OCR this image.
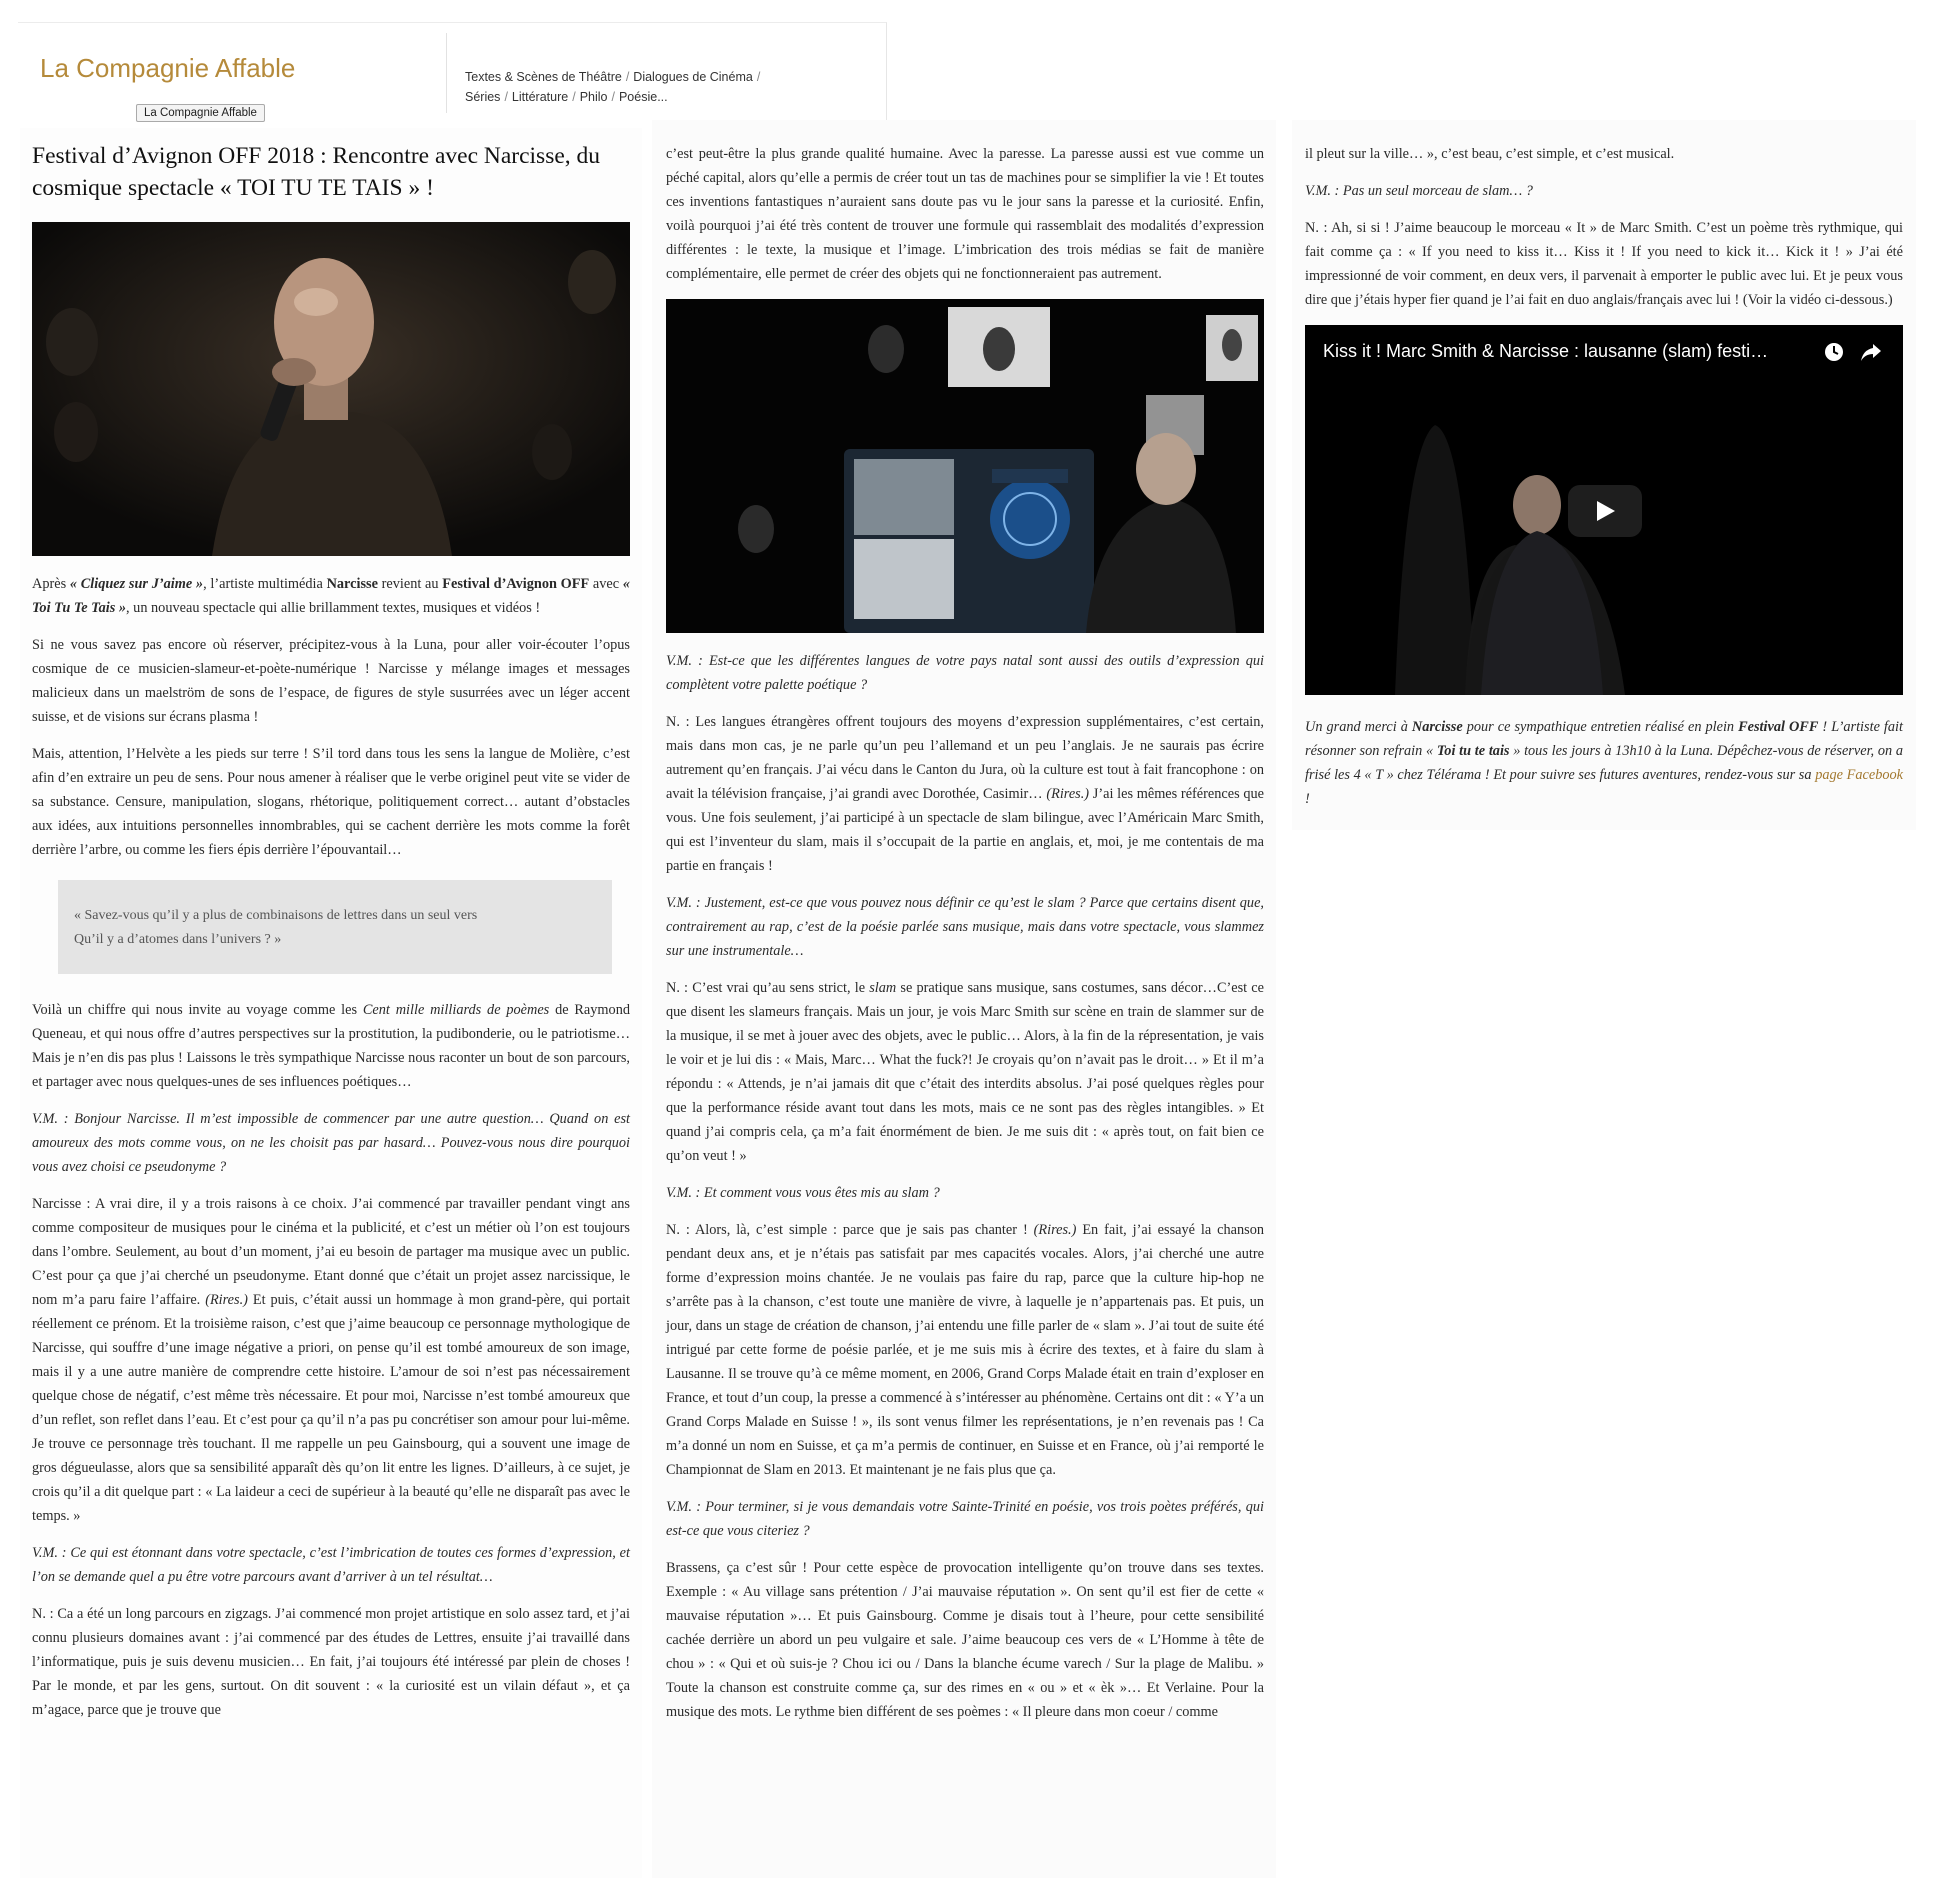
La Compagnie Affable
La Compagnie Affable
Textes & Scènes de Théâtre / Dialogues de Cinéma /
Séries / Littérature / Philo / Poésie...
Festival d’Avignon OFF 2018 : Rencontre avec Narcisse, du cosmique spectacle « TOI TU TE TAIS » !

Après « Cliquez sur J’aime », l’artiste multimédia Narcisse revient au Festival d’Avignon OFF avec « Toi Tu Te Tais », un nouveau spectacle qui allie brillamment textes, musiques et vidéos !

Si ne vous savez pas encore où réserver, précipitez-vous à la Luna, pour aller voir-écouter l’opus cosmique de ce musicien-slameur-et-poète-numérique ! Narcisse y mélange images et messages malicieux dans un maelström de sons de l’espace, de figures de style susurrées avec un léger accent suisse, et de visions sur écrans plasma !

Mais, attention, l’Helvète a les pieds sur terre ! S’il tord dans tous les sens la langue de Molière, c’est afin d’en extraire un peu de sens. Pour nous amener à réaliser que le verbe originel peut vite se vider de sa substance. Censure, manipulation, slogans, rhétorique, politiquement correct… autant d’obstacles aux idées, aux intuitions personnelles innombrables, qui se cachent derrière les mots comme la forêt derrière l’arbre, ou comme les fiers épis derrière l’épouvantail…

« Savez-vous qu’il y a plus de combinaisons de lettres dans un seul vers
Qu’il y a d’atomes dans l’univers ? »

Voilà un chiffre qui nous invite au voyage comme les Cent mille milliards de poèmes de Raymond Queneau, et qui nous offre d’autres perspectives sur la prostitution, la pudibonderie, ou le patriotisme… Mais je n’en dis pas plus ! Laissons le très sympathique Narcisse nous raconter un bout de son parcours, et partager avec nous quelques-unes de ses influences poétiques…

V.M. : Bonjour Narcisse. Il m’est impossible de commencer par une autre question… Quand on est amoureux des mots comme vous, on ne les choisit pas par hasard… Pouvez-vous nous dire pourquoi vous avez choisi ce pseudonyme ?

Narcisse : A vrai dire, il y a trois raisons à ce choix. J’ai commencé par travailler pendant vingt ans comme compositeur de musiques pour le cinéma et la publicité, et c’est un métier où l’on est toujours dans l’ombre. Seulement, au bout d’un moment, j’ai eu besoin de partager ma musique avec un public. C’est pour ça que j’ai cherché un pseudonyme. Etant donné que c’était un projet assez narcissique, le nom m’a paru faire l’affaire. (Rires.) Et puis, c’était aussi un hommage à mon grand-père, qui portait réellement ce prénom. Et la troisième raison, c’est que j’aime beaucoup ce personnage mythologique de Narcisse, qui souffre d’une image négative a priori, on pense qu’il est tombé amoureux de son image, mais il y a une autre manière de comprendre cette histoire. L’amour de soi n’est pas nécessairement quelque chose de négatif, c’est même très nécessaire. Et pour moi, Narcisse n’est tombé amoureux que d’un reflet, son reflet dans l’eau. Et c’est pour ça qu’il n’a pas pu concrétiser son amour pour lui-même. Je trouve ce personnage très touchant. Il me rappelle un peu Gainsbourg, qui a souvent une image de gros dégueulasse, alors que sa sensibilité apparaît dès qu’on lit entre les lignes. D’ailleurs, à ce sujet, je crois qu’il a dit quelque part : « La laideur a ceci de supérieur à la beauté qu’elle ne disparaît pas avec le temps. »

V.M. : Ce qui est étonnant dans votre spectacle, c’est l’imbrication de toutes ces formes d’expression, et l’on se demande quel a pu être votre parcours avant d’arriver à un tel résultat…

N. : Ca a été un long parcours en zigzags. J’ai commencé mon projet artistique en solo assez tard, et j’ai connu plusieurs domaines avant : j’ai commencé par des études de Lettres, ensuite j’ai travaillé dans l’informatique, puis je suis devenu musicien… En fait, j’ai toujours été intéressé par plein de choses ! Par le monde, et par les gens, surtout. On dit souvent : « la curiosité est un vilain défaut », et ça m’agace, parce que je trouve que

c’est peut-être la plus grande qualité humaine. Avec la paresse. La paresse aussi est vue comme un péché capital, alors qu’elle a permis de créer tout un tas de machines pour se simplifier la vie ! Et toutes ces inventions fantastiques n’auraient sans doute pas vu le jour sans la paresse et la curiosité. Enfin, voilà pourquoi j’ai été très content de trouver une formule qui rassemblait des modalités d’expression différentes : le texte, la musique et l’image. L’imbrication des trois médias se fait de manière complémentaire, elle permet de créer des objets qui ne fonctionneraient pas autrement.

V.M. : Est-ce que les différentes langues de votre pays natal sont aussi des outils d’expression qui complètent votre palette poétique ?

N. : Les langues étrangères offrent toujours des moyens d’expression supplémentaires, c’est certain, mais dans mon cas, je ne parle qu’un peu l’allemand et un peu l’anglais. Je ne saurais pas écrire autrement qu’en français. J’ai vécu dans le Canton du Jura, où la culture est tout à fait francophone : on avait la télévision française, j’ai grandi avec Dorothée, Casimir… (Rires.) J’ai les mêmes références que vous. Une fois seulement, j’ai participé à un spectacle de slam bilingue, avec l’Américain Marc Smith, qui est l’inventeur du slam, mais il s’occupait de la partie en anglais, et, moi, je me contentais de ma partie en français !

V.M. : Justement, est-ce que vous pouvez nous définir ce qu’est le slam ? Parce que certains disent que, contrairement au rap, c’est de la poésie parlée sans musique, mais dans votre spectacle, vous slammez sur une instrumentale…

N. : C’est vrai qu’au sens strict, le slam se pratique sans musique, sans costumes, sans décor…C’est ce que disent les slameurs français. Mais un jour, je vois Marc Smith sur scène en train de slammer sur de la musique, il se met à jouer avec des objets, avec le public… Alors, à la fin de la répresentation, je vais le voir et je lui dis : « Mais, Marc… What the fuck?! Je croyais qu’on n’avait pas le droit… » Et il m’a répondu : « Attends, je n’ai jamais dit que c’était des interdits absolus. J’ai posé quelques règles pour que la performance réside avant tout dans les mots, mais ce ne sont pas des règles intangibles. » Et quand j’ai compris cela, ça m’a fait énormément de bien. Je me suis dit : « après tout, on fait bien ce qu’on veut ! »

V.M. : Et comment vous vous êtes mis au slam ?

N. : Alors, là, c’est simple : parce que je sais pas chanter ! (Rires.) En fait, j’ai essayé la chanson pendant deux ans, et je n’étais pas satisfait par mes capacités vocales. Alors, j’ai cherché une autre forme d’expression moins chantée. Je ne voulais pas faire du rap, parce que la culture hip-hop ne s’arrête pas à la chanson, c’est toute une manière de vivre, à laquelle je n’appartenais pas. Et puis, un jour, dans un stage de création de chanson, j’ai entendu une fille parler de « slam ». J’ai tout de suite été intrigué par cette forme de poésie parlée, et je me suis mis à écrire des textes, et à faire du slam à Lausanne. Il se trouve qu’à ce même moment, en 2006, Grand Corps Malade était en train d’exploser en France, et tout d’un coup, la presse a commencé à s’intéresser au phénomène. Certains ont dit : « Y’a un Grand Corps Malade en Suisse ! », ils sont venus filmer les représentations, je n’en revenais pas ! Ca m’a donné un nom en Suisse, et ça m’a permis de continuer, en Suisse et en France, où j’ai remporté le Championnat de Slam en 2013. Et maintenant je ne fais plus que ça.

V.M. : Pour terminer, si je vous demandais votre Sainte-Trinité en poésie, vos trois poètes préférés, qui est-ce que vous citeriez ?

Brassens, ça c’est sûr ! Pour cette espèce de provocation intelligente qu’on trouve dans ses textes. Exemple : « Au village sans prétention / J’ai mauvaise réputation ». On sent qu’il est fier de cette « mauvaise réputation »… Et puis Gainsbourg. Comme je disais tout à l’heure, pour cette sensibilité cachée derrière un abord un peu vulgaire et sale. J’aime beaucoup ces vers de « L’Homme à tête de chou » : « Qui et où suis-je ? Chou ici ou / Dans la blanche écume varech / Sur la plage de Malibu. » Toute la chanson est construite comme ça, sur des rimes en « ou » et « èk »… Et Verlaine. Pour la musique des mots. Le rythme bien différent de ses poèmes : « Il pleure dans mon coeur / comme

il pleut sur la ville… », c’est beau, c’est simple, et c’est musical.

V.M. : Pas un seul morceau de slam… ?

N. : Ah, si si ! J’aime beaucoup le morceau « It » de Marc Smith. C’est un poème très rythmique, qui fait comme ça : « If you need to kiss it… Kiss it ! If you need to kick it… Kick it ! » J’ai été impressionné de voir comment, en deux vers, il parvenait à emporter le public avec lui. Et je peux vous dire que j’étais hyper fier quand je l’ai fait en duo anglais/français avec lui ! (Voir la vidéo ci-dessous.)

Kiss it ! Marc Smith & Narcisse : lausanne (slam) festi…

Un grand merci à Narcisse pour ce sympathique entretien réalisé en plein Festival OFF ! L’artiste fait résonner son refrain « Toi tu te tais » tous les jours à 13h10 à la Luna. Dépêchez-vous de réserver, on a frisé les 4 « T » chez Télérama ! Et pour suivre ses futures aventures, rendez-vous sur sa page Facebook !
